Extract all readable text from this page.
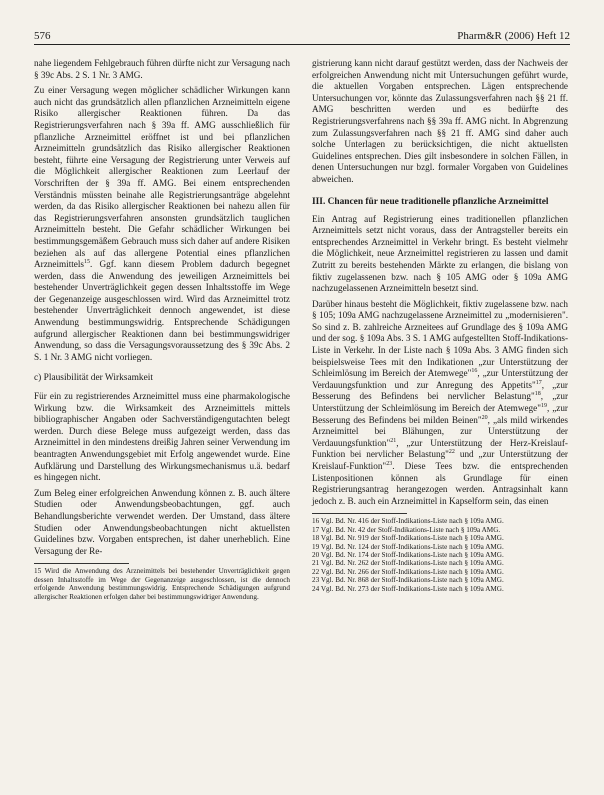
576	Pharm&R (2006) Heft 12

nahe liegendem Fehlgebrauch führen dürfte nicht zur Versagung nach § 39c Abs. 2 S. 1 Nr. 3 AMG.

Zu einer Versagung wegen möglicher schädlicher Wirkungen kann auch nicht das grundsätzlich allen pflanzlichen Arzneimitteln eigene Risiko allergischer Reaktionen führen. Da das Registrierungsverfahren nach § 39a ff. AMG ausschließlich für pflanzliche Arzneimittel eröffnet ist und bei pflanzlichen Arzneimitteln grundsätzlich das Risiko allergischer Reaktionen besteht, führte eine Versagung der Registrierung unter Verweis auf die Möglichkeit allergischer Reaktionen zum Leerlauf der Vorschriften der § 39a ff. AMG. Bei einem entsprechenden Verständnis müssten beinahe alle Registrierungsanträge abgelehnt werden, da das Risiko allergischer Reaktionen bei nahezu allen für das Registrierungsverfahren ansonsten grundsätzlich tauglichen Arzneimitteln besteht. Die Gefahr schädlicher Wirkungen bei bestimmungsgemäßem Gebrauch muss sich daher auf andere Risiken beziehen als auf das allergene Potential eines pflanzlichen Arzneimittels$^{15}$. Ggf. kann diesem Problem dadurch begegnet werden, dass die Anwendung des jeweiligen Arzneimittels bei bestehender Unverträglichkeit gegen dessen Inhaltsstoffe im Wege der Gegenanzeige ausgeschlossen wird. Wird das Arzneimittel trotz bestehender Unverträglichkeit dennoch angewendet, ist diese Anwendung bestimmungswidrig. Entsprechende Schädigungen aufgrund allergischer Reaktionen dann bei bestimmungswidriger Anwendung, so dass die Versagungsvoraussetzung des § 39c Abs. 2 S. 1 Nr. 3 AMG nicht vorliegen.

c) Plausibilität der Wirksamkeit

Für ein zu registrierendes Arzneimittel muss eine pharmakologische Wirkung bzw. die Wirksamkeit des Arzneimittels mittels bibliographischer Angaben oder Sachverständigengutachten belegt werden. Durch diese Belege muss aufgezeigt werden, dass das Arzneimittel in den mindestens dreißig Jahren seiner Verwendung im beantragten Anwendungsgebiet mit Erfolg angewendet wurde. Eine Aufklärung und Darstellung des Wirkungsmechanismus u.ä. bedarf es hingegen nicht.

Zum Beleg einer erfolgreichen Anwendung können z. B. auch ältere Studien oder Anwendungsbeobachtungen, ggf. auch Behandlungsberichte verwendet werden. Der Umstand, dass ältere Studien oder Anwendungsbeobachtungen nicht aktuellsten Guidelines bzw. Vorgaben entsprechen, ist daher unerheblich. Eine Versagung der Re-

15 Wird die Anwendung des Arzneimittels bei bestehender Unverträglichkeit gegen dessen Inhaltsstoffe im Wege der Gegenanzeige ausgeschlossen, ist die dennoch erfolgende Anwendung bestimmungswidrig. Entsprechende Schädigungen aufgrund allergischer Reaktionen erfolgen daher bei bestimmungswidriger Anwendung.

gistrierung kann nicht darauf gestützt werden, dass der Nachweis der erfolgreichen Anwendung nicht mit Untersuchungen geführt wurde, die aktuellen Vorgaben entsprechen. Lägen entsprechende Untersuchungen vor, könnte das Zulassungsverfahren nach §§ 21 ff. AMG beschritten werden und es bedürfte des Registrierungsverfahrens nach §§ 39a ff. AMG nicht. In Abgrenzung zum Zulassungsverfahren nach §§ 21 ff. AMG sind daher auch solche Unterlagen zu berücksichtigen, die nicht aktuellsten Guidelines entsprechen. Dies gilt insbesondere in solchen Fällen, in denen Untersuchungen nur bzgl. formaler Vorgaben von Guidelines abweichen.

III. Chancen für neue traditionelle pflanzliche Arzneimittel

Ein Antrag auf Registrierung eines traditionellen pflanzlichen Arzneimittels setzt nicht voraus, dass der Antragsteller bereits ein entsprechendes Arzneimittel in Verkehr bringt. Es besteht vielmehr die Möglichkeit, neue Arzneimittel registrieren zu lassen und damit Zutritt zu bereits bestehenden Märkte zu erlangen, die bislang von fiktiv zugelassenen bzw. nach § 105 AMG oder § 109a AMG nachzugelassenen Arzneimitteln besetzt sind.

Darüber hinaus besteht die Möglichkeit, fiktiv zugelassene bzw. nach § 105; 109a AMG nachzugelassene Arzneimittel zu „modernisieren". So sind z. B. zahlreiche Arzneitees auf Grundlage des § 109a AMG und der sog. § 109a Abs. 3 S. 1 AMG aufgestellten Stoff-Indikations-Liste in Verkehr. In der Liste nach § 109a Abs. 3 AMG finden sich beispielsweise Tees mit den Indikationen „zur Unterstützung der Schleimlösung im Bereich der Atemwege"$^{16}$, „zur Unterstützung der Verdauungsfunktion und zur Anregung des Appetits"$^{17}$, „zur Besserung des Befindens bei nervlicher Belastung"$^{18}$, „zur Unterstützung der Schleimlösung im Bereich der Atemwege"$^{19}$, „zur Besserung des Befindens bei milden Beinen"$^{20}$, „als mild wirkendes Arzneimittel bei Blähungen, zur Unterstützung der Verdauungsfunktion"$^{21}$, „zur Unterstützung der Herz-Kreislauf-Funktion bei nervlicher Belastung"$^{22}$ und „zur Unterstützung der Kreislauf-Funktion"$^{23}$. Diese Tees bzw. die entsprechenden Listenpositionen können als Grundlage für einen Registrierungsantrag herangezogen werden. Antragsinhalt kann jedoch z. B. auch ein Arzneimittel in Kapselform sein, das einen

16 Vgl. Bd. Nr. 416 der Stoff-Indikations-Liste nach § 109a AMG.
17 Vgl. Bd. Nr. 42 der Stoff-Indikations-Liste nach § 109a AMG.
18 Vgl. Bd. Nr. 919 der Stoff-Indikations-Liste nach § 109a AMG.
19 Vgl. Bd. Nr. 124 der Stoff-Indikations-Liste nach § 109a AMG.
20 Vgl. Bd. Nr. 174 der Stoff-Indikations-Liste nach § 109a AMG.
21 Vgl. Bd. Nr. 262 der Stoff-Indikations-Liste nach § 109a AMG.
22 Vgl. Bd. Nr. 266 der Stoff-Indikations-Liste nach § 109a AMG.
23 Vgl. Bd. Nr. 868 der Stoff-Indikations-Liste nach § 109a AMG.
24 Vgl. Bd. Nr. 273 der Stoff-Indikations-Liste nach § 109a AMG.
